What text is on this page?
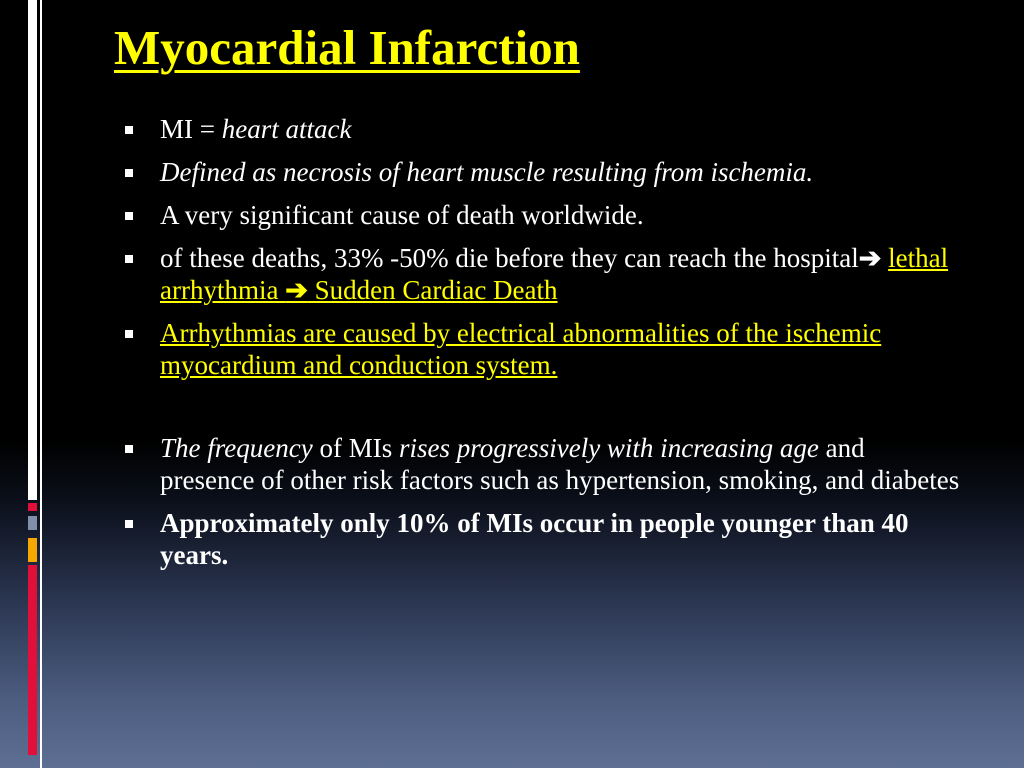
Myocardial Infarction
MI = heart attack
Defined as necrosis of heart muscle resulting from ischemia.
A very significant cause of death worldwide.
of these deaths, 33% -50% die before they can reach the hospital➔ lethal arrhythmia ➔ Sudden Cardiac Death
Arrhythmias are caused by electrical abnormalities of the ischemic myocardium and conduction system.
The frequency of MIs rises progressively with increasing age and presence of other risk factors such as hypertension, smoking, and diabetes
Approximately only 10% of MIs occur in people younger than 40 years.
